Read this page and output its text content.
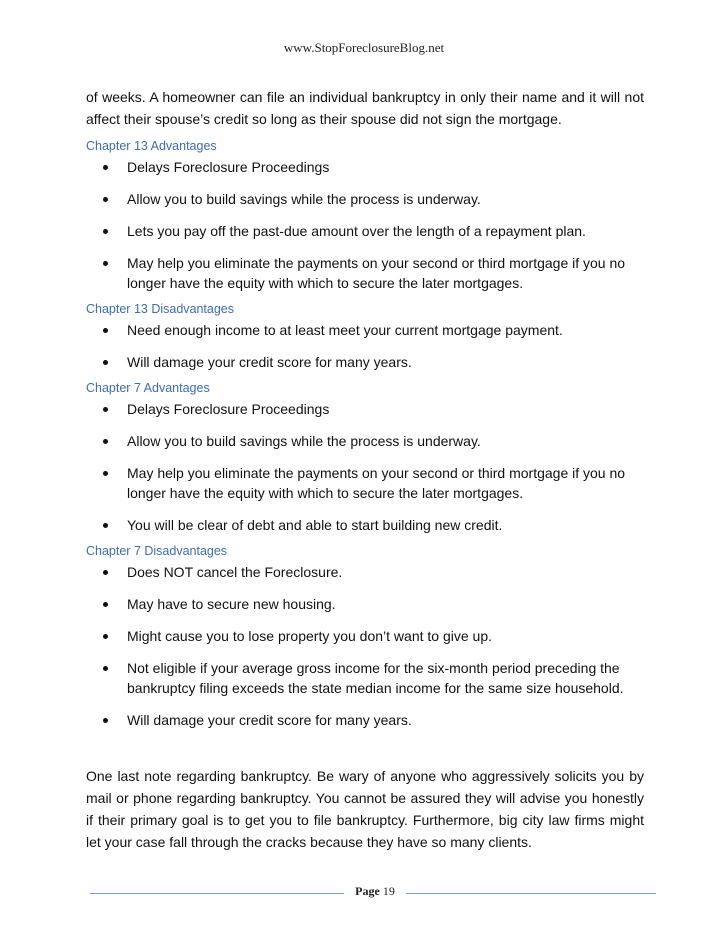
www.StopForeclosureBlog.net

of weeks. A homeowner can file an individual bankruptcy in only their name and it will not affect their spouse’s credit so long as their spouse did not sign the mortgage.

Chapter 13 Advantages
Delays Foreclosure Proceedings
Allow you to build savings while the process is underway.
Lets you pay off the past-due amount over the length of a repayment plan.
May help you eliminate the payments on your second or third mortgage if you no longer have the equity with which to secure the later mortgages.
Chapter 13 Disadvantages
Need enough income to at least meet your current mortgage payment.
Will damage your credit score for many years.
Chapter 7 Advantages
Delays Foreclosure Proceedings
Allow you to build savings while the process is underway.
May help you eliminate the payments on your second or third mortgage if you no longer have the equity with which to secure the later mortgages.
You will be clear of debt and able to start building new credit.
Chapter 7 Disadvantages
Does NOT cancel the Foreclosure.
May have to secure new housing.
Might cause you to lose property you don’t want to give up.
Not eligible if your average gross income for the six-month period preceding the bankruptcy filing exceeds the state median income for the same size household.
Will damage your credit score for many years.

One last note regarding bankruptcy. Be wary of anyone who aggressively solicits you by mail or phone regarding bankruptcy. You cannot be assured they will advise you honestly if their primary goal is to get you to file bankruptcy. Furthermore, big city law firms might let your case fall through the cracks because they have so many clients.

Page 19
